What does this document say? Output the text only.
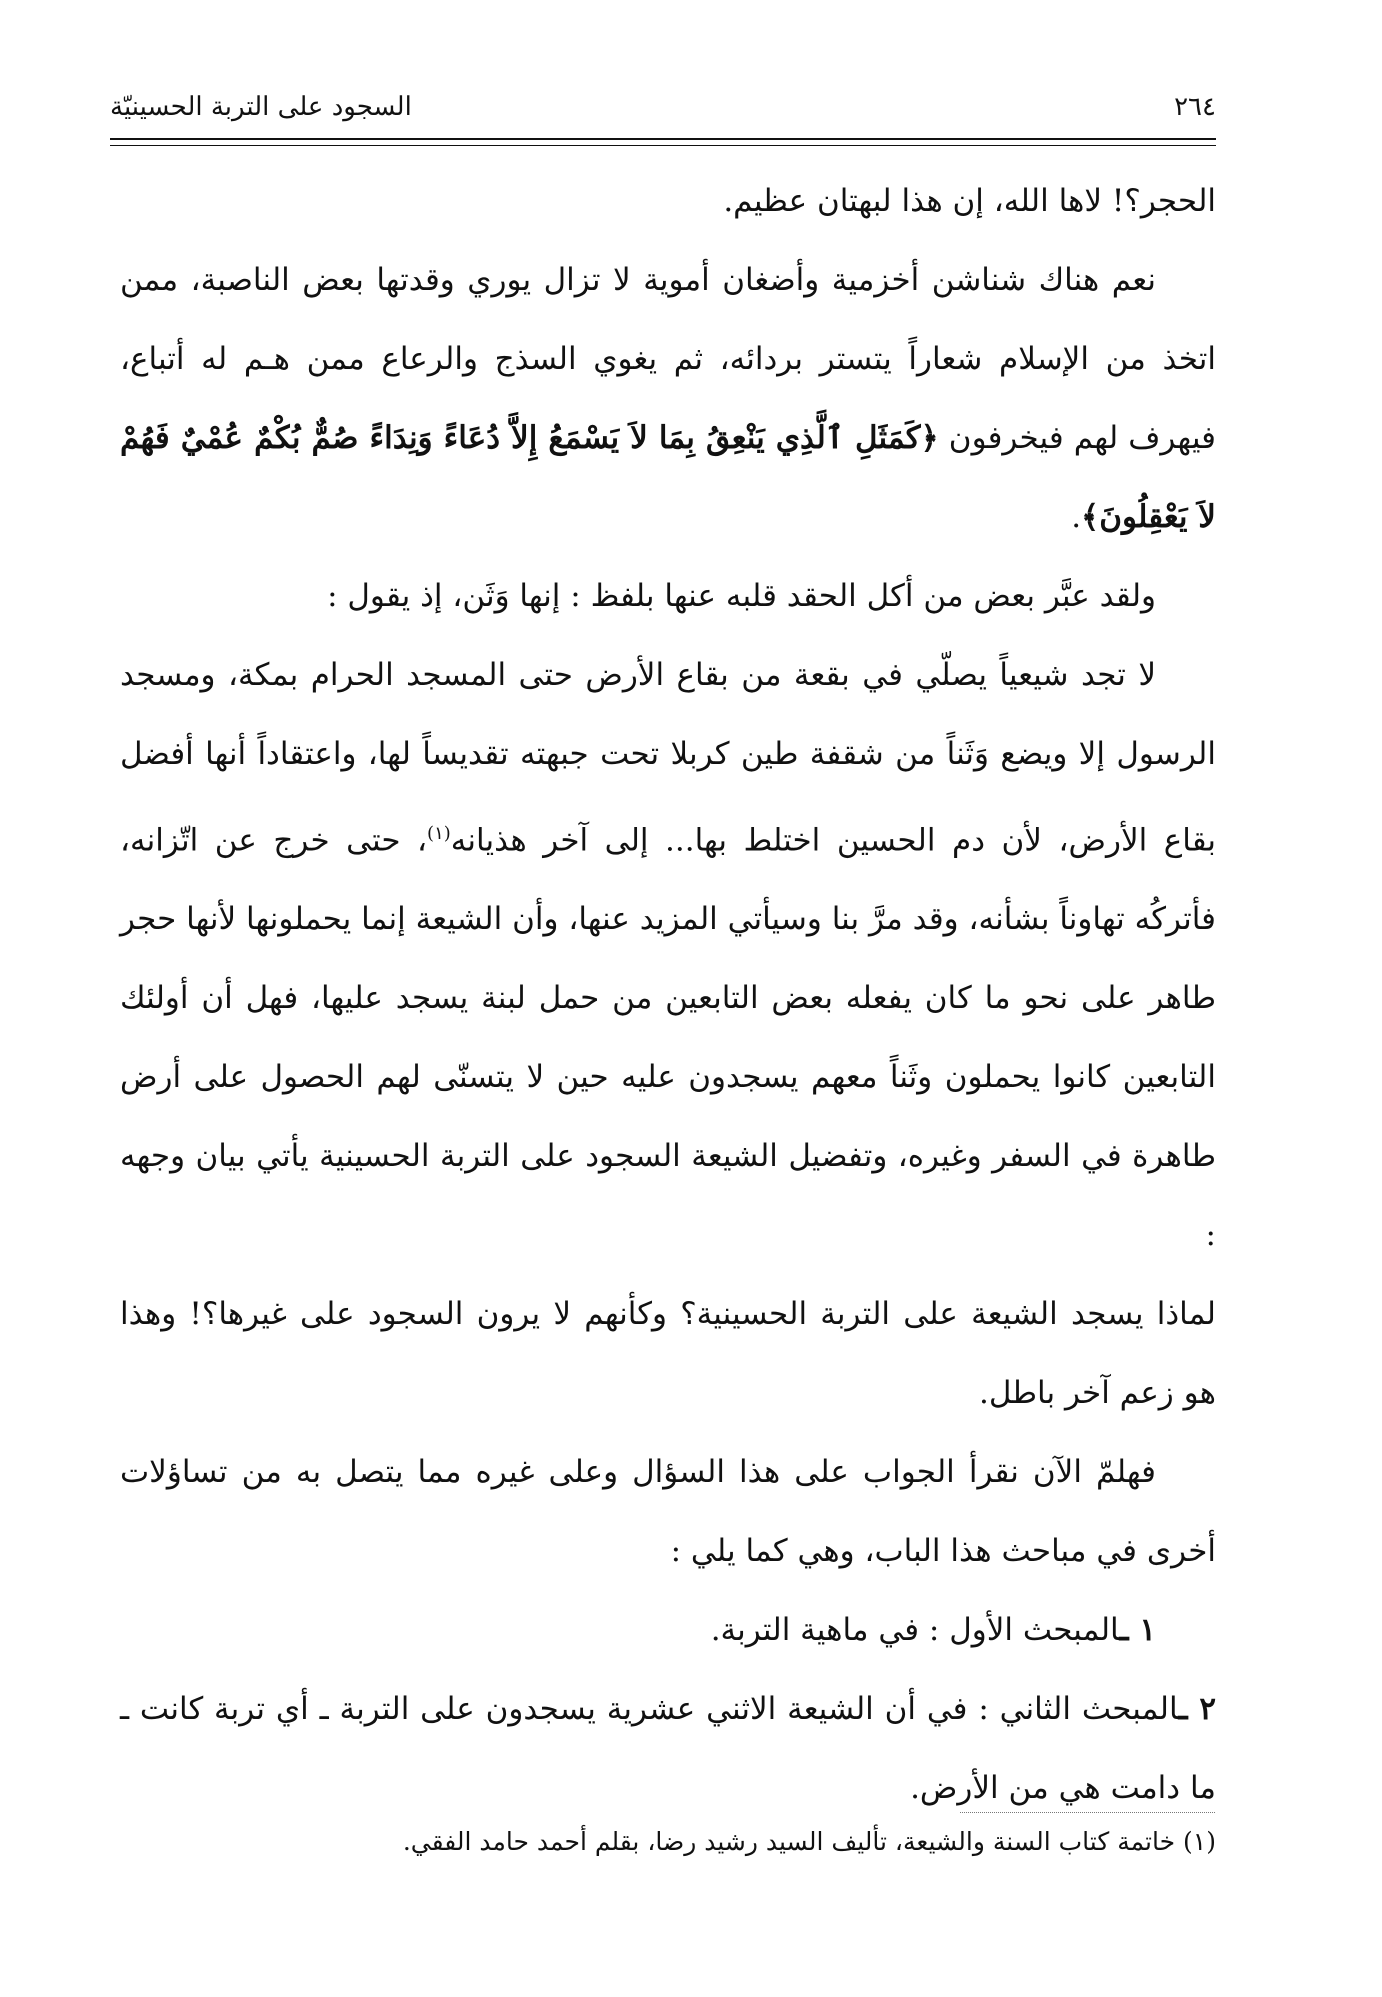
٢٦٤
السجود على التربة الحسينيّة

الحجر؟! لاها الله، إن هذا لبهتان عظيم.

نعم هناك شناشن أخزمية وأضغان أموية لا تزال يوري وقدتها بعض الناصبة، ممن اتخذ من الإسلام شعاراً يتستر بردائه، ثم يغوي السذج والرعاع ممن هـم له أتباع، فيهرف لهم فيخرفون ﴿كَمَثَلِ ٱلَّذِي يَنْعِقُ بِمَا لاَ يَسْمَعُ إِلاَّ دُعَاءً وَنِدَاءً صُمٌّ بُكْمٌ عُمْيٌ فَهُمْ لاَ يَعْقِلُونَ﴾.

ولقد عبَّر بعض من أكل الحقد قلبه عنها بلفظ : إنها وَثَن، إذ يقول :

لا تجد شيعياً يصلّي في بقعة من بقاع الأرض حتى المسجد الحرام بمكة، ومسجد الرسول إلا ويضع وَثَناً من شقفة طين كربلا تحت جبهته تقديساً لها، واعتقاداً أنها أفضل بقاع الأرض، لأن دم الحسين اختلط بها... إلى آخر هذيانه$^{(١)}$، حتى خرج عن اتّزانه، فأتركُه تهاوناً بشأنه، وقد مرَّ بنا وسيأتي المزيد عنها، وأن الشيعة إنما يحملونها لأنها حجر طاهر على نحو ما كان يفعله بعض التابعين من حمل لبنة يسجد عليها، فهل أن أولئك التابعين كانوا يحملون وثَناً معهم يسجدون عليه حين لا يتسنّى لهم الحصول على أرض طاهرة في السفر وغيره، وتفضيل الشيعة السجود على التربة الحسينية يأتي بيان وجهه :

لماذا يسجد الشيعة على التربة الحسينية؟ وكأنهم لا يرون السجود على غيرها؟! وهذا هو زعم آخر باطل.

فهلمّ الآن نقرأ الجواب على هذا السؤال وعلى غيره مما يتصل به من تساؤلات أخرى في مباحث هذا الباب، وهي كما يلي :

١ ـالمبحث الأول : في ماهية التربة.

٢ ـالمبحث الثاني : في أن الشيعة الاثني عشرية يسجدون على التربة ـ أي تربة كانت ـ ما دامت هي من الأرض.

(١) خاتمة كتاب السنة والشيعة، تأليف السيد رشيد رضا، بقلم أحمد حامد الفقي.
